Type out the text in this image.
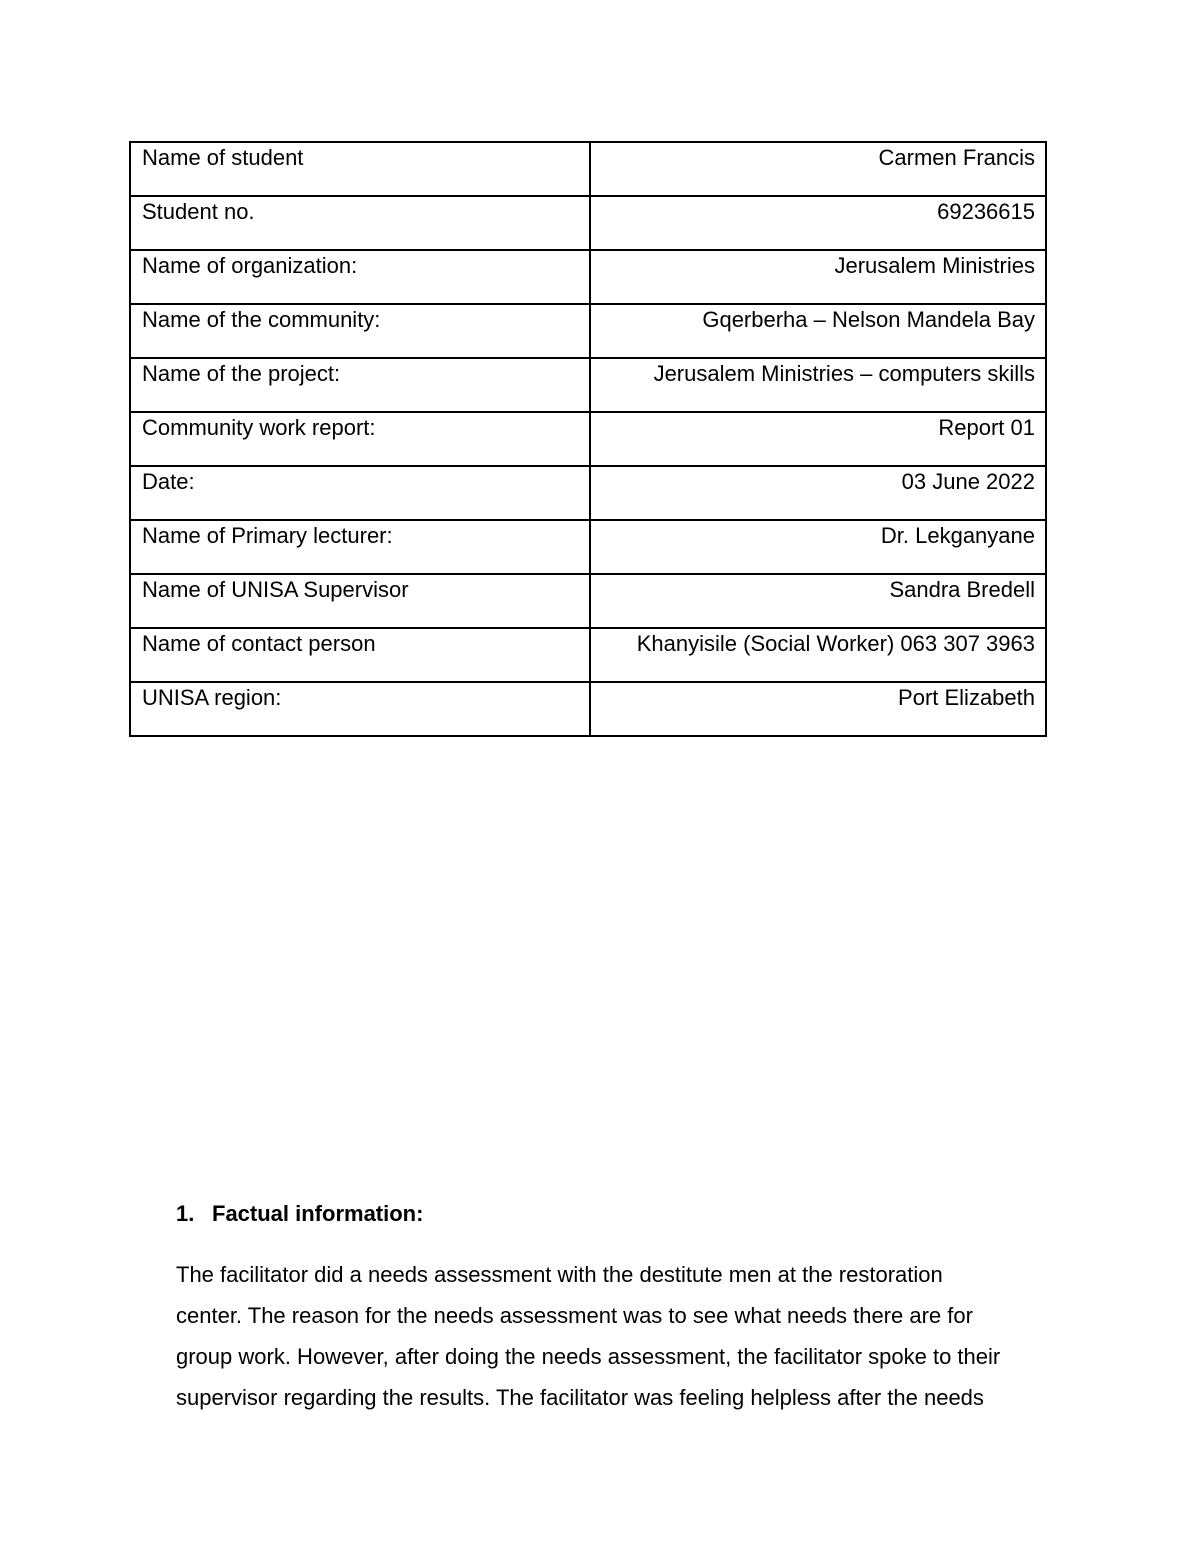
Name of student	Carmen Francis
Student no.	69236615
Name of organization:	Jerusalem Ministries
Name of the community:	Gqerberha – Nelson Mandela Bay
Name of the project:	Jerusalem Ministries – computers skills
Community work report:	Report 01
Date:	03 June 2022
Name of Primary lecturer:	Dr. Lekganyane
Name of UNISA Supervisor	Sandra Bredell
Name of contact person	Khanyisile (Social Worker) 063 307 3963
UNISA region:	Port Elizabeth
1. Factual information:

The facilitator did a needs assessment with the destitute men at the restoration
center. The reason for the needs assessment was to see what needs there are for
group work. However, after doing the needs assessment, the facilitator spoke to their
supervisor regarding the results. The facilitator was feeling helpless after the needs
